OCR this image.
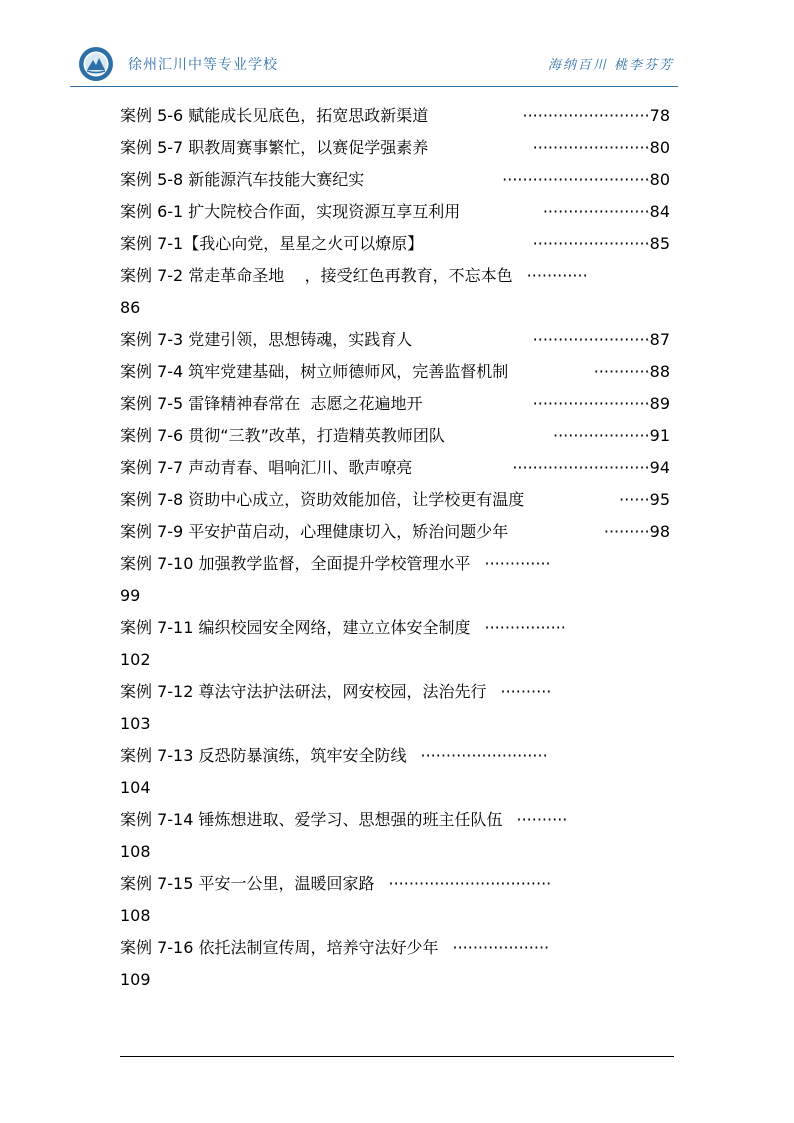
徐州汇川中等专业学校	海纳百川 桃李芬芳
案例 5-6 赋能成长见底色，拓宽思政新渠道	························· 78
案例 5-7 职教周赛事繁忙，以赛促学强素养	······················· 80
案例 5-8 新能源汽车技能大赛纪实	····························· 80
案例 6-1 扩大院校合作面，实现资源互享互利用	····················· 84
案例 7-1【我心向党，星星之火可以燎原】	······················· 85
案例 7-2 常走革命圣地    ，接受红色再教育，不忘本色 ············
86
案例 7-3 党建引领，思想铸魂，实践育人	······················· 87
案例 7-4 筑牢党建基础，树立师德师风，完善监督机制	··········· 88
案例 7-5 雷锋精神春常在  志愿之花遍地开	······················· 89
案例 7-6 贯彻“三教”改革，打造精英教师团队	··················· 91
案例 7-7 声动青春、唱响汇川、歌声嘹亮	··························· 94
案例 7-8 资助中心成立，资助效能加倍，让学校更有温度	······ 95
案例 7-9 平安护苗启动，心理健康切入，矫治问题少年	········· 98
案例 7-10 加强教学监督，全面提升学校管理水平 ·············
99
案例 7-11 编织校园安全网络，建立立体安全制度 ················
102
案例 7-12 尊法守法护法研法，网安校园，法治先行 ··········
103
案例 7-13 反恐防暴演练，筑牢安全防线 ·························
104
案例 7-14 锤炼想进取、爱学习、思想强的班主任队伍 ··········
108
案例 7-15 平安一公里，温暖回家路 ································
108
案例 7-16 依托法制宣传周，培养守法好少年 ···················
109
